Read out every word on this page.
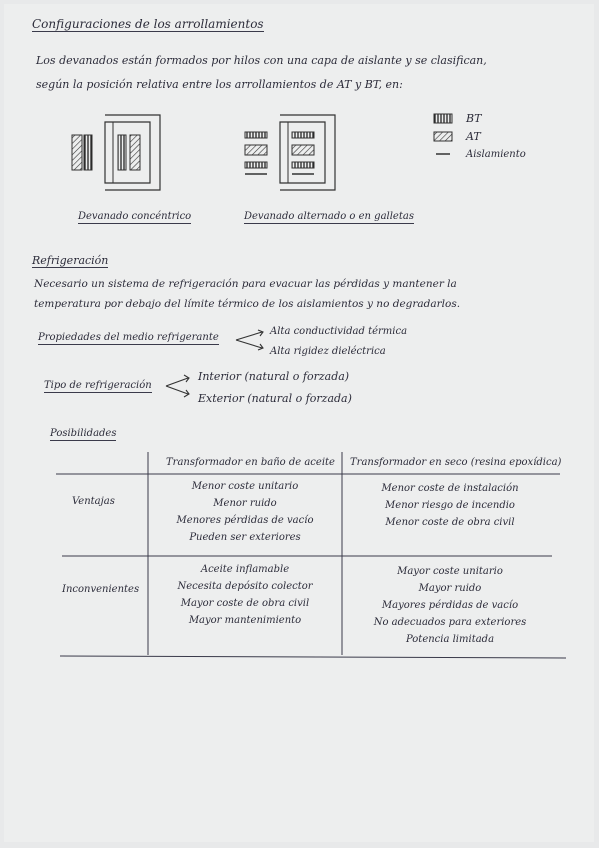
Configuraciones de los arrollamientos
Los devanados están formados por hilos con una capa de aislante y se clasifican,
según la posición relativa entre los arrollamientos de AT y BT, en:
Devanado concéntrico	Devanado alternado o en galletas
BT
AT
Aislamiento
Refrigeración
Necesario un sistema de refrigeración para evacuar las pérdidas y mantener la
temperatura por debajo del límite térmico de los aislamientos y no degradarlos.
Propiedades del medio refrigerante
Alta conductividad térmica
Alta rigidez dieléctrica
Tipo de refrigeración
Interior (natural o forzada)
Exterior (natural o forzada)
Posibilidades
Transformador en baño de aceite Transformador en seco (resina epoxídica)
Ventajas
Inconvenientes
Menor coste unitario
Menor ruido
Menores pérdidas de vacío
Pueden ser exteriores
Menor coste de instalación
Menor riesgo de incendio
Menor coste de obra civil
Aceite inflamable
Necesita depósito colector
Mayor coste de obra civil
Mayor mantenimiento
Mayor coste unitario
Mayor ruido
Mayores pérdidas de vacío
No adecuados para exteriores
Potencia limitada
